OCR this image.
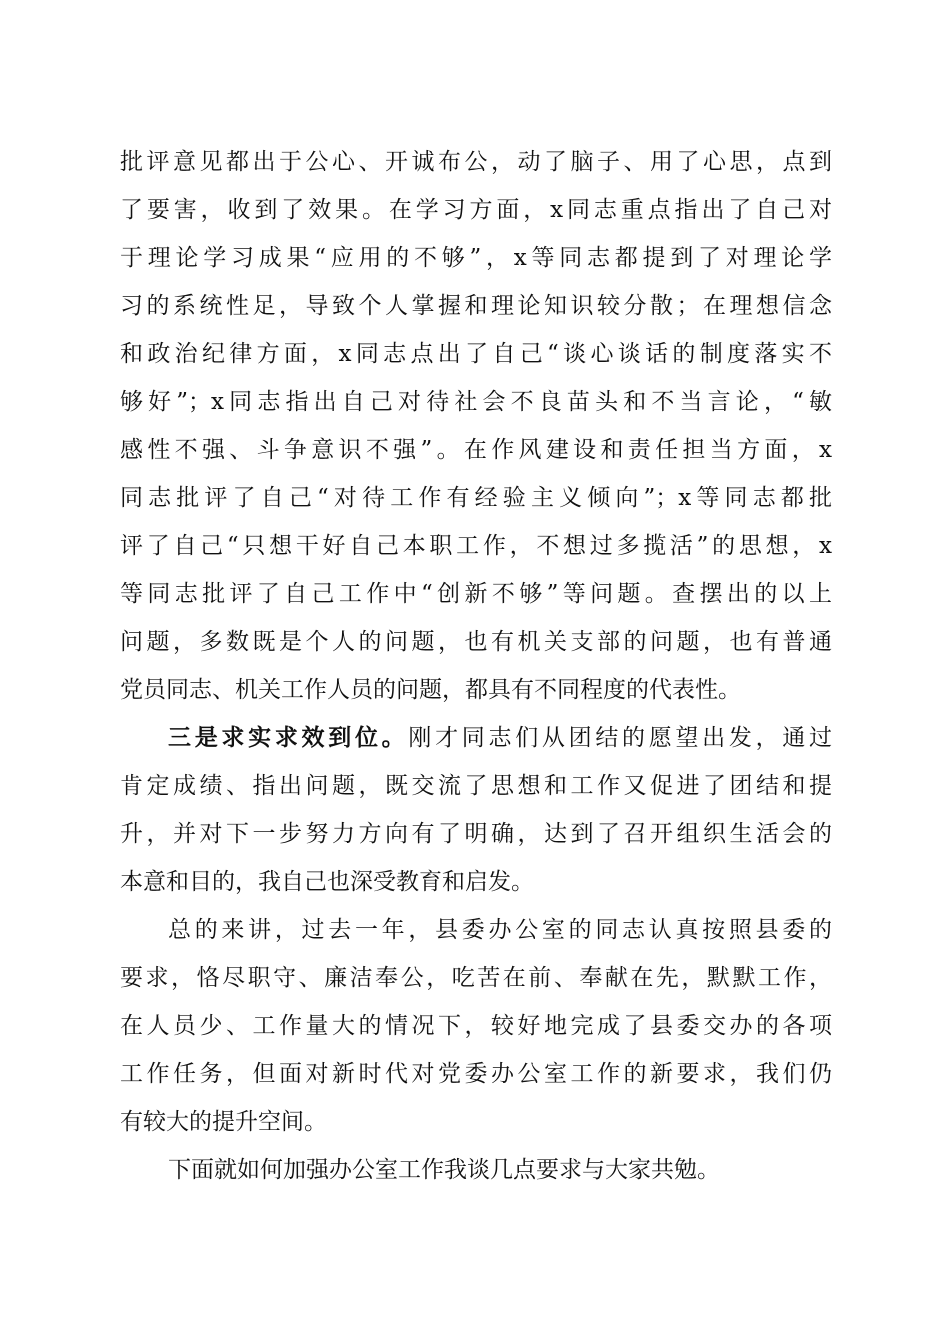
批评意见都出于公心、开诚布公，动了脑子、用了心思，点到
了要害，收到了效果。在学习方面，x同志重点指出了自己对
于理论学习成果“应用的不够”，x等同志都提到了对理论学
习的系统性足，导致个人掌握和理论知识较分散；在理想信念
和政治纪律方面，x同志点出了自己“谈心谈话的制度落实不
够好”；x同志指出自己对待社会不良苗头和不当言论，“敏
感性不强、斗争意识不强”。在作风建设和责任担当方面，x
同志批评了自己“对待工作有经验主义倾向”；x等同志都批
评了自己“只想干好自己本职工作，不想过多揽活”的思想，x
等同志批评了自己工作中“创新不够”等问题。查摆出的以上
问题，多数既是个人的问题，也有机关支部的问题，也有普通
党员同志、机关工作人员的问题，都具有不同程度的代表性。
三是求实求效到位。刚才同志们从团结的愿望出发，通过
肯定成绩、指出问题，既交流了思想和工作又促进了团结和提
升，并对下一步努力方向有了明确，达到了召开组织生活会的
本意和目的，我自己也深受教育和启发。
总的来讲，过去一年，县委办公室的同志认真按照县委的
要求，恪尽职守、廉洁奉公，吃苦在前、奉献在先，默默工作，
在人员少、工作量大的情况下，较好地完成了县委交办的各项
工作任务，但面对新时代对党委办公室工作的新要求，我们仍
有较大的提升空间。
下面就如何加强办公室工作我谈几点要求与大家共勉。
